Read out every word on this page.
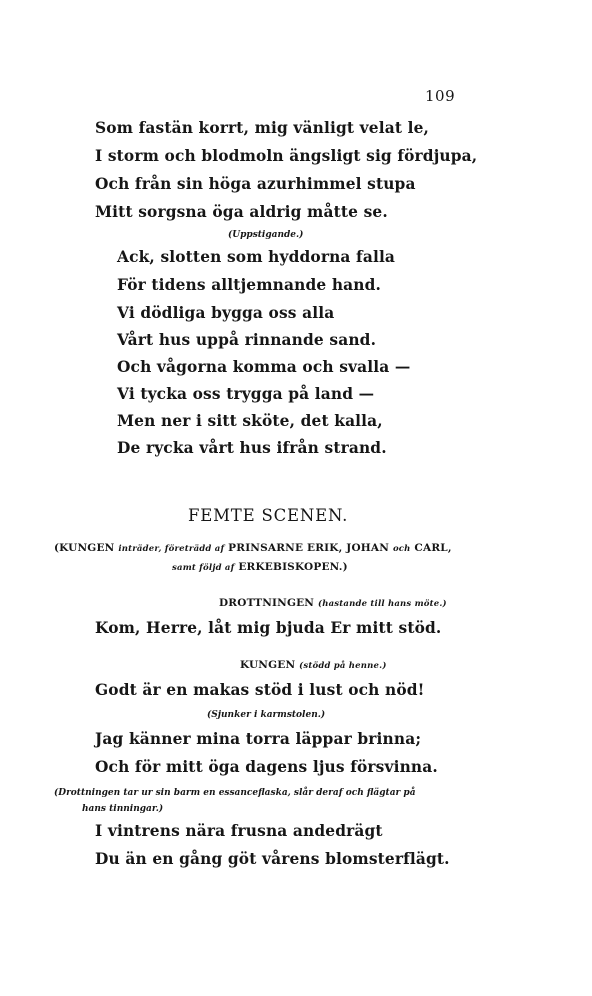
109
Som fastän korrt, mig vänligt velat le,
I storm och blodmoln ängsligt sig fördjupa,
Och från sin höga azurhimmel stupa
Mitt sorgsna öga aldrig måtte se.
(Uppstigande.)
Ack, slotten som hyddorna falla
För tidens alltjemnande hand.
Vi dödliga bygga oss alla
Vårt hus uppå rinnande sand.
Och vågorna komma och svalla —
Vi tycka oss trygga på land —
Men ner i sitt sköte, det kalla,
De rycka vårt hus ifrån strand.
FEMTE SCENEN.
(KUNGEN inträder, företrädd af PRINSARNE ERIK, JOHAN och CARL,
samt följd af ERKEBISKOPEN.)
DROTTNINGEN (hastande till hans möte.)
Kom, Herre, låt mig bjuda Er mitt stöd.
KUNGEN (stödd på henne.)
Godt är en makas stöd i lust och nöd!
(Sjunker i karmstolen.)
Jag känner mina torra läppar brinna;
Och för mitt öga dagens ljus försvinna.
(Drottningen tar ur sin barm en essanceflaska, slår deraf och flägtar på
hans tinningar.)
I vintrens nära frusna andedrägt
Du än en gång göt vårens blomsterflägt.
